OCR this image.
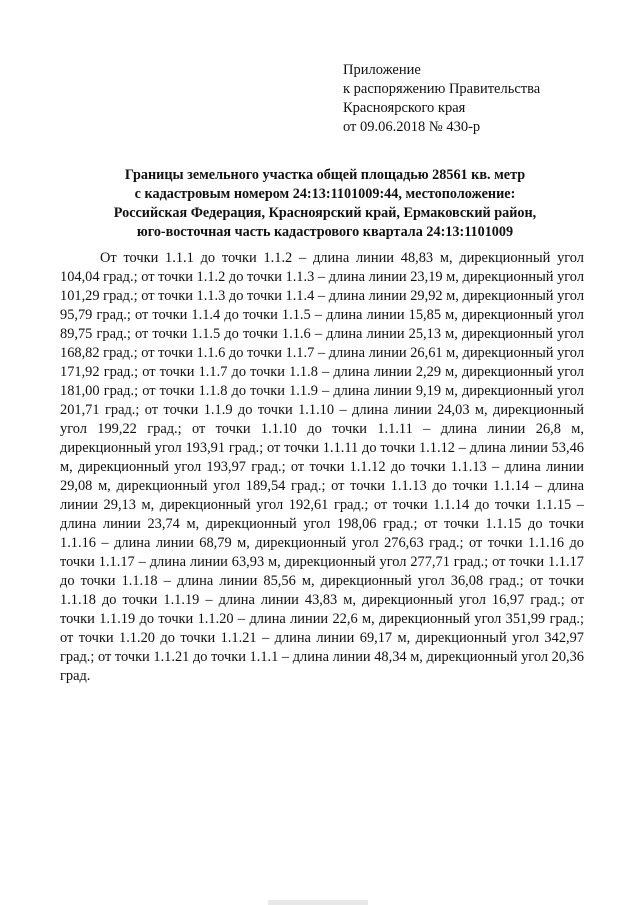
Приложение
к распоряжению Правительства
Красноярского края
от 09.06.2018 № 430-р
Границы земельного участка общей площадью 28561 кв. метр
с кадастровым номером 24:13:1101009:44, местоположение:
Российская Федерация, Красноярский край, Ермаковский район,
юго-восточная часть кадастрового квартала 24:13:1101009

От точки 1.1.1 до точки 1.1.2 – длина линии 48,83 м, дирекционный угол 104,04 град.; от точки 1.1.2 до точки 1.1.3 – длина линии 23,19 м, дирекционный угол 101,29 град.; от точки 1.1.3 до точки 1.1.4 – длина линии 29,92 м, дирекционный угол 95,79 град.; от точки 1.1.4 до точки 1.1.5 – длина линии 15,85 м, дирекционный угол 89,75 град.; от точки 1.1.5 до точки 1.1.6 – длина линии 25,13 м, дирекционный угол 168,82 град.; от точки 1.1.6 до точки 1.1.7 – длина линии 26,61 м, дирекционный угол 171,92 град.; от точки 1.1.7 до точки 1.1.8 – длина линии 2,29 м, дирекционный угол 181,00 град.; от точки 1.1.8 до точки 1.1.9 – длина линии 9,19 м, дирекционный угол 201,71 град.; от точки 1.1.9 до точки 1.1.10 – длина линии 24,03 м, дирекционный угол 199,22 град.; от точки 1.1.10 до точки 1.1.11 – длина линии 26,8 м, дирекционный угол 193,91 град.; от точки 1.1.11 до точки 1.1.12 – длина линии 53,46 м, дирекционный угол 193,97 град.; от точки 1.1.12 до точки 1.1.13 – длина линии 29,08 м, дирекционный угол 189,54 град.; от точки 1.1.13 до точки 1.1.14 – длина линии 29,13 м, дирекционный угол 192,61 град.; от точки 1.1.14 до точки 1.1.15 – длина линии 23,74 м, дирекционный угол 198,06 град.; от точки 1.1.15 до точки 1.1.16 – длина линии 68,79 м, дирекционный угол 276,63 град.; от точки 1.1.16 до точки 1.1.17 – длина линии 63,93 м, дирекционный угол 277,71 град.; от точки 1.1.17 до точки 1.1.18 – длина линии 85,56 м, дирекционный угол 36,08 град.; от точки 1.1.18 до точки 1.1.19 – длина линии 43,83 м, дирекционный угол 16,97 град.; от точки 1.1.19 до точки 1.1.20 – длина линии 22,6 м, дирекционный угол 351,99 град.; от точки 1.1.20 до точки 1.1.21 – длина линии 69,17 м, дирекционный угол 342,97 град.; от точки 1.1.21 до точки 1.1.1 – длина линии 48,34 м, дирекционный угол 20,36 град.
